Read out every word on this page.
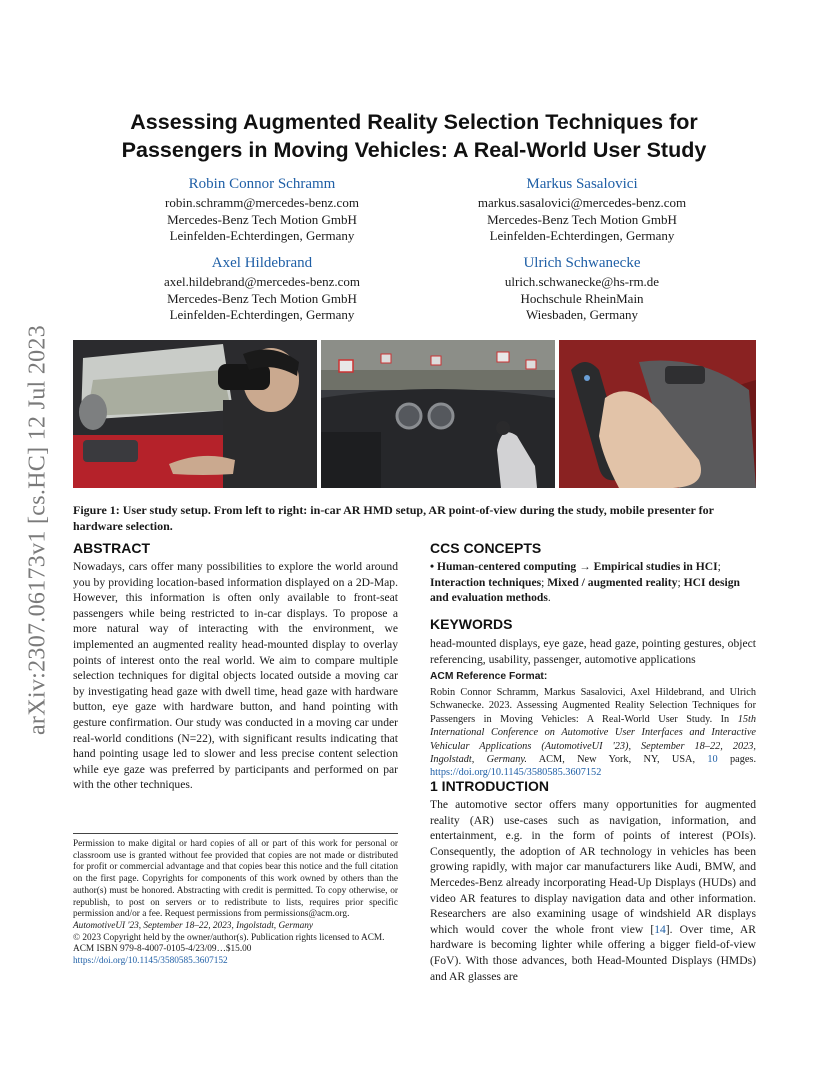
arXiv:2307.06173v1 [cs.HC] 12 Jul 2023
Assessing Augmented Reality Selection Techniques for
Passengers in Moving Vehicles: A Real-World User Study
Robin Connor Schramm
robin.schramm@mercedes-benz.com
Mercedes-Benz Tech Motion GmbH
Leinfelden-Echterdingen, Germany
Markus Sasalovici
markus.sasalovici@mercedes-benz.com
Mercedes-Benz Tech Motion GmbH
Leinfelden-Echterdingen, Germany
Axel Hildebrand
axel.hildebrand@mercedes-benz.com
Mercedes-Benz Tech Motion GmbH
Leinfelden-Echterdingen, Germany
Ulrich Schwanecke
ulrich.schwanecke@hs-rm.de
Hochschule RheinMain
Wiesbaden, Germany
Figure 1: User study setup. From left to right: in-car AR HMD setup, AR point-of-view during the study, mobile presenter for hardware selection.
ABSTRACT
Nowadays, cars offer many possibilities to explore the world around you by providing location-based information displayed on a 2D-Map. However, this information is often only available to front-seat passengers while being restricted to in-car displays. To propose a more natural way of interacting with the environment, we implemented an augmented reality head-mounted display to overlay points of interest onto the real world. We aim to compare multiple selection techniques for digital objects located outside a moving car by investigating head gaze with dwell time, head gaze with hardware button, eye gaze with hardware button, and hand pointing with gesture confirmation. Our study was conducted in a moving car under real-world conditions (N=22), with significant results indicating that hand pointing usage led to slower and less precise content selection while eye gaze was preferred by participants and performed on par with the other techniques.
Permission to make digital or hard copies of all or part of this work for personal or classroom use is granted without fee provided that copies are not made or distributed for profit or commercial advantage and that copies bear this notice and the full citation on the first page. Copyrights for components of this work owned by others than the author(s) must be honored. Abstracting with credit is permitted. To copy otherwise, or republish, to post on servers or to redistribute to lists, requires prior specific permission and/or a fee. Request permissions from permissions@acm.org.
AutomotiveUI '23, September 18–22, 2023, Ingolstadt, Germany
© 2023 Copyright held by the owner/author(s). Publication rights licensed to ACM.
ACM ISBN 979-8-4007-0105-4/23/09…$15.00
https://doi.org/10.1145/3580585.3607152
CCS CONCEPTS
• Human-centered computing → Empirical studies in HCI; Interaction techniques; Mixed / augmented reality; HCI design and evaluation methods.
KEYWORDS
head-mounted displays, eye gaze, head gaze, pointing gestures, object referencing, usability, passenger, automotive applications
ACM Reference Format:
Robin Connor Schramm, Markus Sasalovici, Axel Hildebrand, and Ulrich Schwanecke. 2023. Assessing Augmented Reality Selection Techniques for Passengers in Moving Vehicles: A Real-World User Study. In 15th International Conference on Automotive User Interfaces and Interactive Vehicular Applications (AutomotiveUI '23), September 18–22, 2023, Ingolstadt, Germany. ACM, New York, NY, USA, 10 pages. https://doi.org/10.1145/3580585.3607152
1 INTRODUCTION
The automotive sector offers many opportunities for augmented reality (AR) use-cases such as navigation, information, and entertainment, e.g. in the form of points of interest (POIs). Consequently, the adoption of AR technology in vehicles has been growing rapidly, with major car manufacturers like Audi, BMW, and Mercedes-Benz already incorporating Head-Up Displays (HUDs) and video AR features to display navigation data and other information. Researchers are also examining usage of windshield AR displays which would cover the whole front view [14]. Over time, AR hardware is becoming lighter while offering a bigger field-of-view (FoV). With those advances, both Head-Mounted Displays (HMDs) and AR glasses are
